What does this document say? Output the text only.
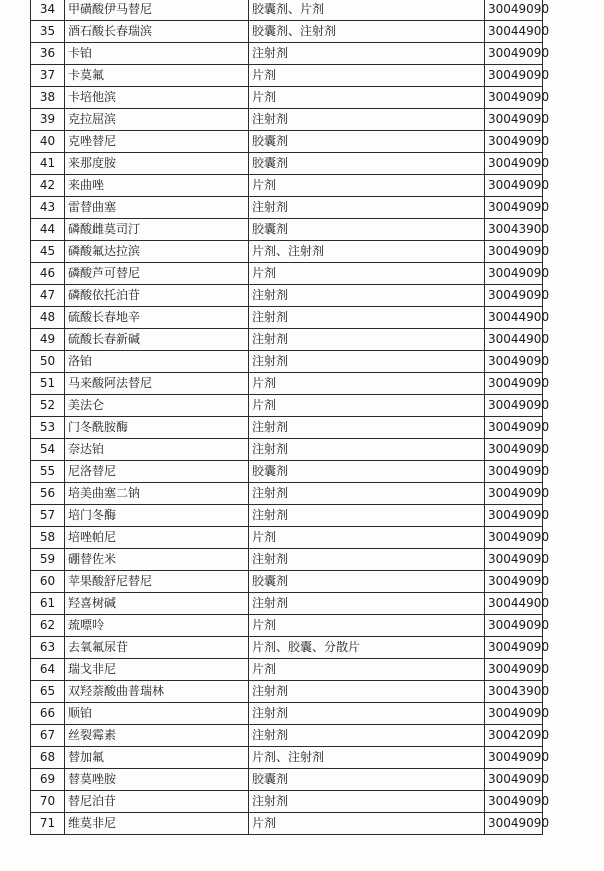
34	甲磺酸伊马替尼	胶囊剂、片剂	30049090
35	酒石酸长春瑞滨	胶囊剂、注射剂	30044900
36	卡铂	注射剂	30049090
37	卡莫氟	片剂	30049090
38	卡培他滨	片剂	30049090
39	克拉屈滨	注射剂	30049090
40	克唑替尼	胶囊剂	30049090
41	来那度胺	胶囊剂	30049090
42	来曲唑	片剂	30049090
43	雷替曲塞	注射剂	30049090
44	磷酸雌莫司汀	胶囊剂	30043900
45	磷酸氟达拉滨	片剂、注射剂	30049090
46	磷酸芦可替尼	片剂	30049090
47	磷酸依托泊苷	注射剂	30049090
48	硫酸长春地辛	注射剂	30044900
49	硫酸长春新碱	注射剂	30044900
50	洛铂	注射剂	30049090
51	马来酸阿法替尼	片剂	30049090
52	美法仑	片剂	30049090
53	门冬酰胺酶	注射剂	30049090
54	奈达铂	注射剂	30049090
55	尼洛替尼	胶囊剂	30049090
56	培美曲塞二钠	注射剂	30049090
57	培门冬酶	注射剂	30049090
58	培唑帕尼	片剂	30049090
59	硼替佐米	注射剂	30049090
60	苹果酸舒尼替尼	胶囊剂	30049090
61	羟喜树碱	注射剂	30044900
62	巯嘌呤	片剂	30049090
63	去氧氟尿苷	片剂、胶囊、分散片	30049090
64	瑞戈非尼	片剂	30049090
65	双羟萘酸曲普瑞林	注射剂	30043900
66	顺铂	注射剂	30049090
67	丝裂霉素	注射剂	30042090
68	替加氟	片剂、注射剂	30049090
69	替莫唑胺	胶囊剂	30049090
70	替尼泊苷	注射剂	30049090
71	维莫非尼	片剂	30049090
